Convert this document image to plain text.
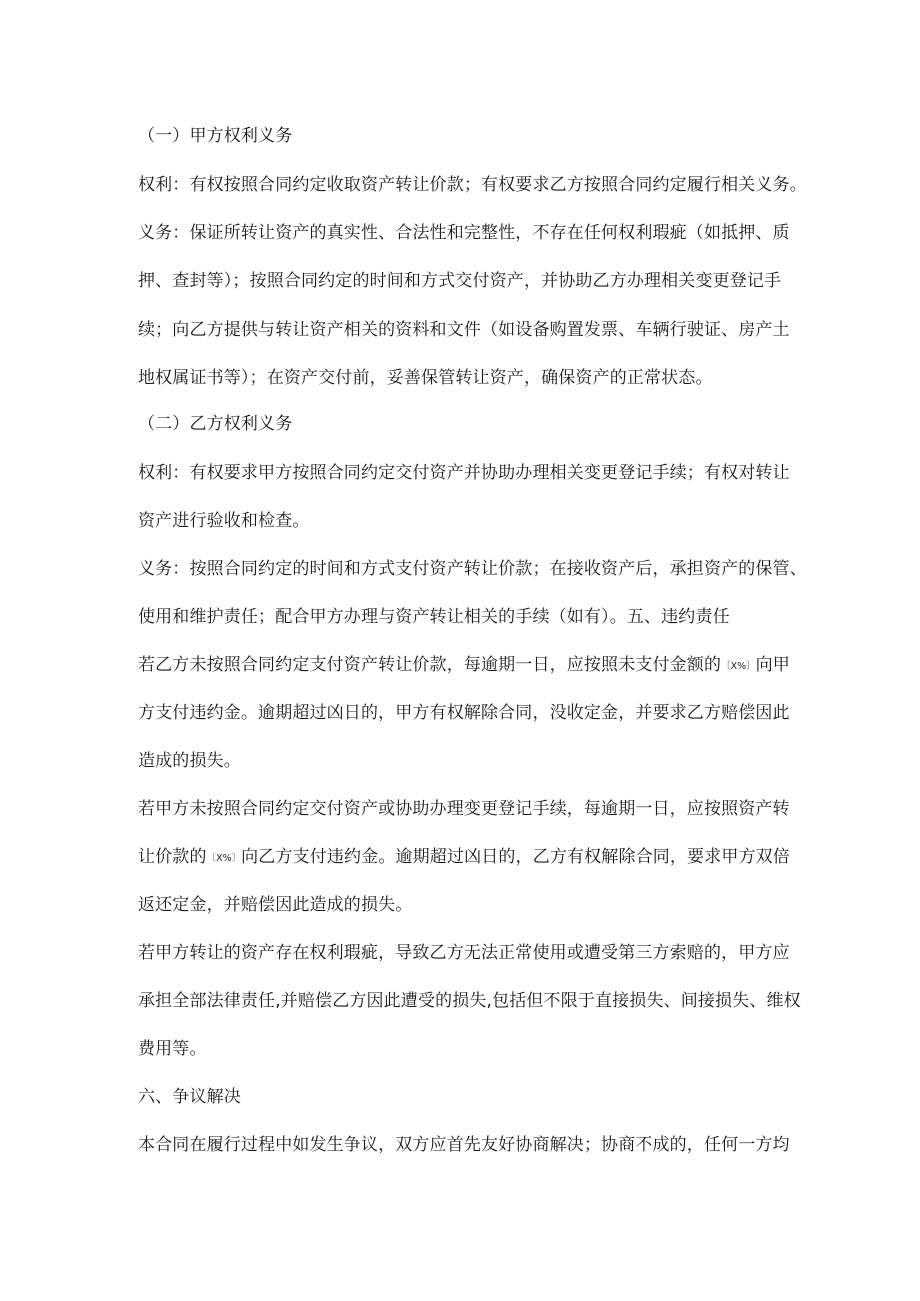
（一）甲方权利义务
权利：有权按照合同约定收取资产转让价款；有权要求乙方按照合同约定履行相关义务。
义务：保证所转让资产的真实性、合法性和完整性，不存在任何权利瑕疵（如抵押、质
押、查封等）；按照合同约定的时间和方式交付资产，并协助乙方办理相关变更登记手
续；向乙方提供与转让资产相关的资料和文件（如设备购置发票、车辆行驶证、房产土
地权属证书等）；在资产交付前，妥善保管转让资产，确保资产的正常状态。
（二）乙方权利义务
权利：有权要求甲方按照合同约定交付资产并协助办理相关变更登记手续；有权对转让
资产进行验收和检查。
义务：按照合同约定的时间和方式支付资产转让价款；在接收资产后，承担资产的保管、
使用和维护责任；配合甲方办理与资产转让相关的手续（如有）。五、违约责任
若乙方未按照合同约定支付资产转让价款，每逾期一日，应按照未支付金额的〔X%〕向甲
方支付违约金。逾期超过凶日的，甲方有权解除合同，没收定金，并要求乙方赔偿因此
造成的损失。
若甲方未按照合同约定交付资产或协助办理变更登记手续，每逾期一日，应按照资产转
让价款的〔X%〕向乙方支付违约金。逾期超过凶日的，乙方有权解除合同，要求甲方双倍
返还定金，并赔偿因此造成的损失。
若甲方转让的资产存在权利瑕疵，导致乙方无法正常使用或遭受第三方索赔的，甲方应
承担全部法律责任,并赔偿乙方因此遭受的损失,包括但不限于直接损失、间接损失、维权
费用等。
六、争议解决
本合同在履行过程中如发生争议，双方应首先友好协商解决；协商不成的，任何一方均
